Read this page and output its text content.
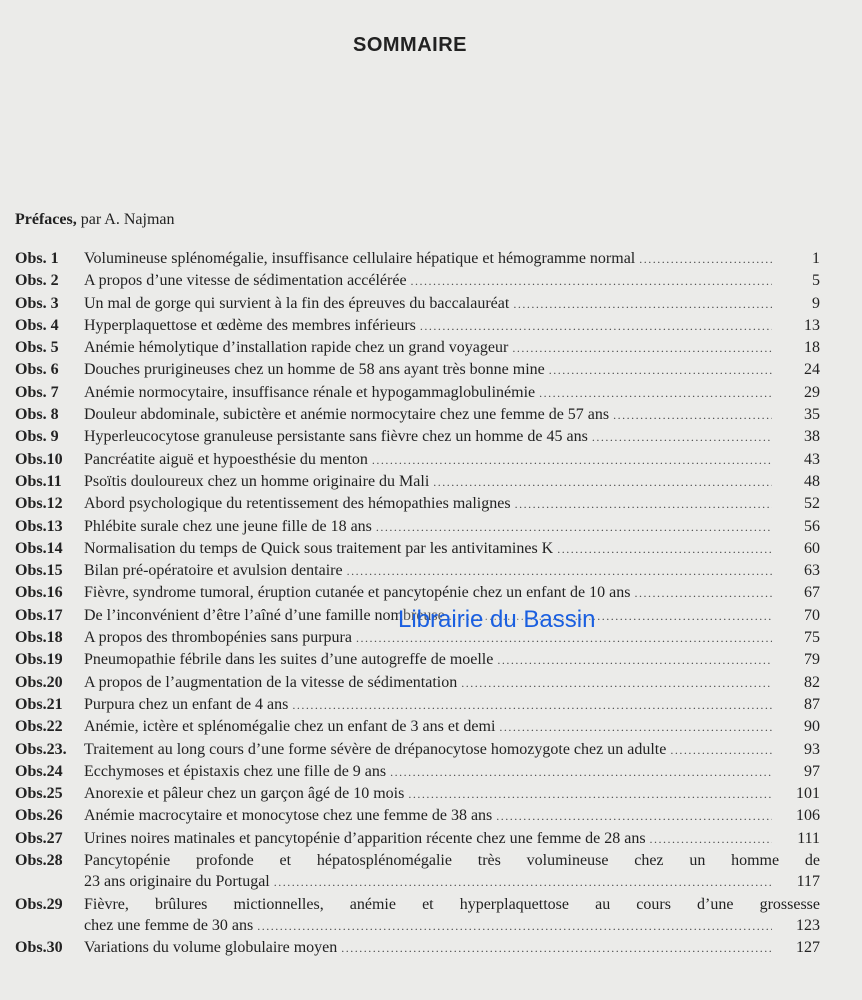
SOMMAIRE
Préfaces, par A. Najman
Obs. 1	Volumineuse splénomégalie, insuffisance cellulaire hépatique et hémogramme normal .....	1
Obs. 2	A propos d’une vitesse de sédimentation accélérée .....	5
Obs. 3	Un mal de gorge qui survient à la fin des épreuves du baccalauréat .....	9
Obs. 4	Hyperplaquettose et œdème des membres inférieurs .....	13
Obs. 5	Anémie hémolytique d’installation rapide chez un grand voyageur .....	18
Obs. 6	Douches prurigineuses chez un homme de 58 ans ayant très bonne mine .....	24
Obs. 7	Anémie normocytaire, insuffisance rénale et hypogammaglobulinémie .....	29
Obs. 8	Douleur abdominale, subictère et anémie normocytaire chez une femme de 57 ans .....	35
Obs. 9	Hyperleucocytose granuleuse persistante sans fièvre chez un homme de 45 ans .....	38
Obs.10	Pancréatite aiguë et hypoesthésie du menton .....	43
Obs.11	Psoïtis douloureux chez un homme originaire du Mali .....	48
Obs.12	Abord psychologique du retentissement des hémopathies malignes .....	52
Obs.13	Phlébite surale chez une jeune fille de 18 ans .....	56
Obs.14	Normalisation du temps de Quick sous traitement par les antivitamines K .....	60
Obs.15	Bilan pré-opératoire et avulsion dentaire .....	63
Obs.16	Fièvre, syndrome tumoral, éruption cutanée et pancytopénie chez un enfant de 10 ans .....	67
Obs.17	De l’inconvénient d’être l’aîné d’une famille nombreuse .....	70
Obs.18	A propos des thrombopénies sans purpura .....	75
Obs.19	Pneumopathie fébrile dans les suites d’une autogreffe de moelle .....	79
Obs.20	A propos de l’augmentation de la vitesse de sédimentation .....	82
Obs.21	Purpura chez un enfant de 4 ans .....	87
Obs.22	Anémie, ictère et splénomégalie chez un enfant de 3 ans et demi .....	90
Obs.23.	Traitement au long cours d’une forme sévère de drépanocytose homozygote chez un adulte .....	93
Obs.24	Ecchymoses et épistaxis chez une fille de 9 ans .....	97
Obs.25	Anorexie et pâleur chez un garçon âgé de 10 mois .....	101
Obs.26	Anémie macrocytaire et monocytose chez une femme de 38 ans .....	106
Obs.27	Urines noires matinales et pancytopénie d’apparition récente chez une femme de 28 ans .....	111
Obs.28	Pancytopénie profonde et hépatosplénomégalie très volumineuse chez un homme de
23 ans originaire du Portugal .....	117
Obs.29	Fièvre, brûlures mictionnelles, anémie et hyperplaquettose au cours d’une grossesse
chez une femme de 30 ans .....	123
Obs.30	Variations du volume globulaire moyen .....	127
Librairie du Bassin
